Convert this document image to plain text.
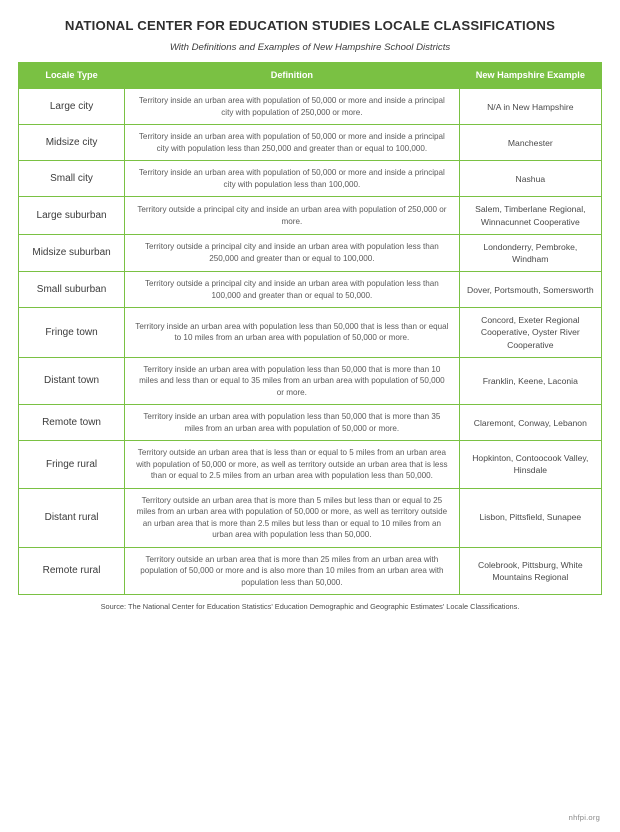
NATIONAL CENTER FOR EDUCATION STUDIES LOCALE CLASSIFICATIONS
With Definitions and Examples of New Hampshire School Districts
Locale Type	Definition	New Hampshire Example
Large city	Territory inside an urban area with population of 50,000 or more and inside a principal city with population of 250,000 or more.	N/A in New Hampshire
Midsize city	Territory inside an urban area with population of 50,000 or more and inside a principal city with population less than 250,000 and greater than or equal to 100,000.	Manchester
Small city	Territory inside an urban area with population of 50,000 or more and inside a principal city with population less than 100,000.	Nashua
Large suburban	Territory outside a principal city and inside an urban area with population of 250,000 or more.	Salem, Timberlane Regional, Winnacunnet Cooperative
Midsize suburban	Territory outside a principal city and inside an urban area with population less than 250,000 and greater than or equal to 100,000.	Londonderry, Pembroke, Windham
Small suburban	Territory outside a principal city and inside an urban area with population less than 100,000 and greater than or equal to 50,000.	Dover, Portsmouth, Somersworth
Fringe town	Territory inside an urban area with population less than 50,000 that is less than or equal to 10 miles from an urban area with population of 50,000 or more.	Concord, Exeter Regional Cooperative, Oyster River Cooperative
Distant town	Territory inside an urban area with population less than 50,000 that is more than 10 miles and less than or equal to 35 miles from an urban area with population of 50,000 or more.	Franklin, Keene, Laconia
Remote town	Territory inside an urban area with population less than 50,000 that is more than 35 miles from an urban area with population of 50,000 or more.	Claremont, Conway, Lebanon
Fringe rural	Territory outside an urban area that is less than or equal to 5 miles from an urban area with population of 50,000 or more, as well as territory outside an urban area that is less than or equal to 2.5 miles from an urban area with population less than 50,000.	Hopkinton, Contoocook Valley, Hinsdale
Distant rural	Territory outside an urban area that is more than 5 miles but less than or equal to 25 miles from an urban area with population of 50,000 or more, as well as territory outside an urban area that is more than 2.5 miles but less than or equal to 10 miles from an urban area with population less than 50,000.	Lisbon, Pittsfield, Sunapee
Remote rural	Territory outside an urban area that is more than 25 miles from an urban area with population of 50,000 or more and is also more than 10 miles from an urban area with population less than 50,000.	Colebrook, Pittsburg, White Mountains Regional
Source: The National Center for Education Statistics' Education Demographic and Geographic Estimates' Locale Classifications.
nhfpi.org
